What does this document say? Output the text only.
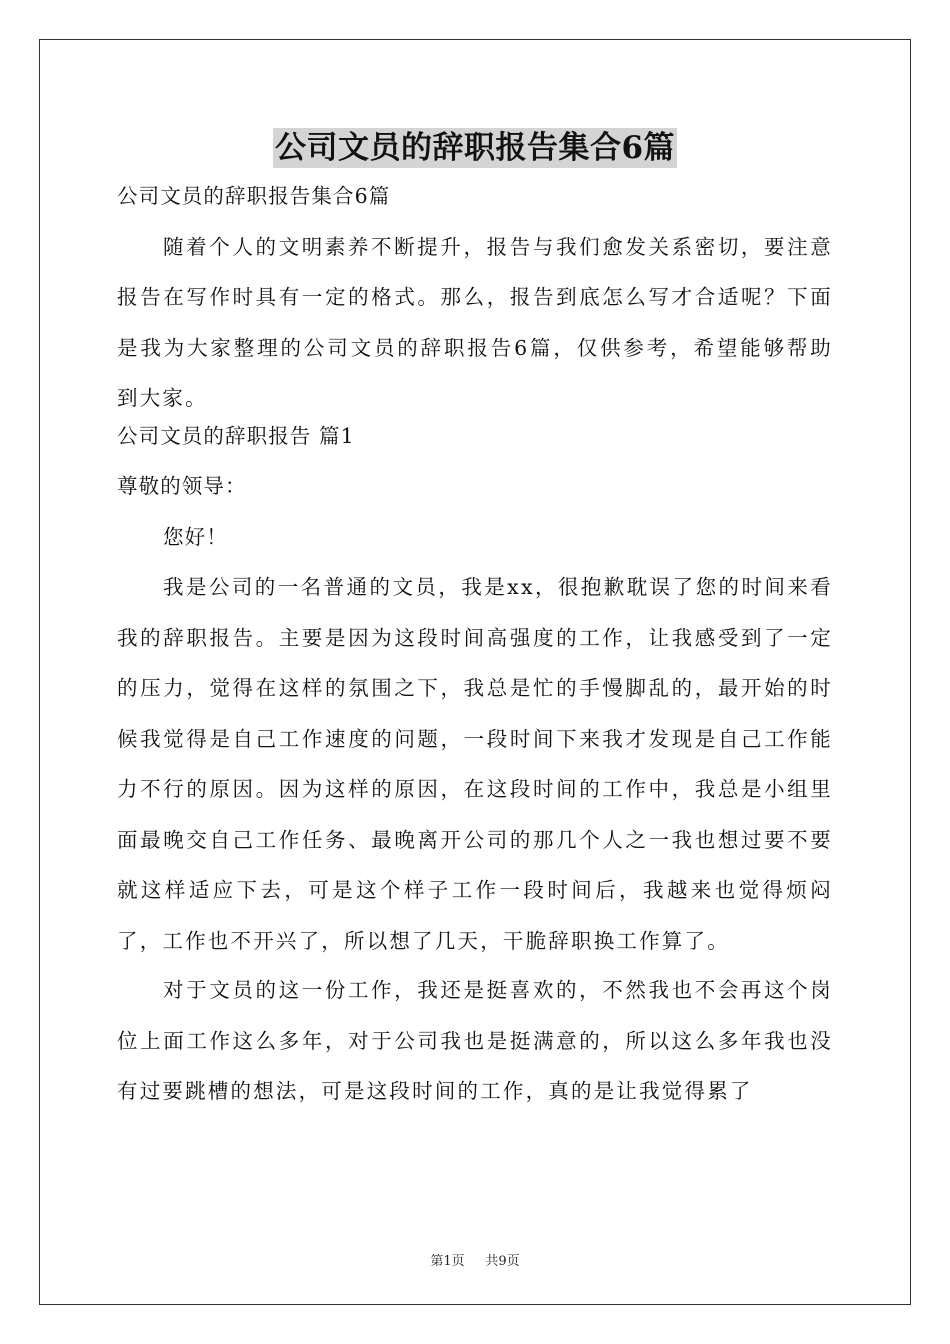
公司文员的辞职报告集合6篇
公司文员的辞职报告集合6篇

随着个人的文明素养不断提升，报告与我们愈发关系密切，要注意报告在写作时具有一定的格式。那么，报告到底怎么写才合适呢？下面是我为大家整理的公司文员的辞职报告6篇，仅供参考，希望能够帮助到大家。

公司文员的辞职报告 篇1
尊敬的领导：
您好！

我是公司的一名普通的文员，我是xx，很抱歉耽误了您的时间来看我的辞职报告。主要是因为这段时间高强度的工作，让我感受到了一定的压力，觉得在这样的氛围之下，我总是忙的手慢脚乱的，最开始的时候我觉得是自己工作速度的问题，一段时间下来我才发现是自己工作能力不行的原因。因为这样的原因，在这段时间的工作中，我总是小组里面最晚交自己工作任务、最晚离开公司的那几个人之一我也想过要不要就这样适应下去，可是这个样子工作一段时间后，我越来也觉得烦闷了，工作也不开兴了，所以想了几天，干脆辞职换工作算了。

对于文员的这一份工作，我还是挺喜欢的，不然我也不会再这个岗位上面工作这么多年，对于公司我也是挺满意的，所以这么多年我也没有过要跳槽的想法，可是这段时间的工作，真的是让我觉得累了

第1页 共9页
